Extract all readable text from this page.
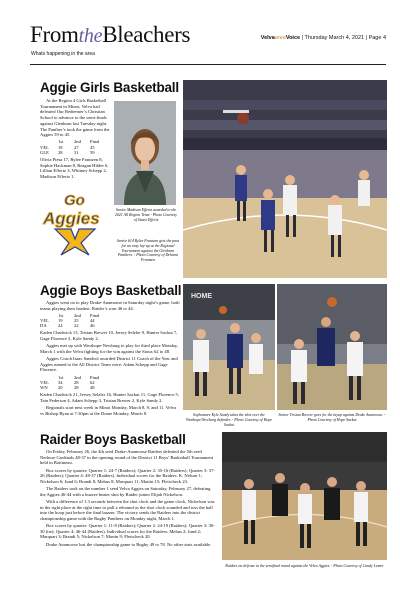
FromtheBleachers
Whats happening in the area
VelvaareaVoice | Thursday March 4, 2021 | Page 4
Aggie Girls Basketball

At the Region 4 Girls Basketball Tournament in Minot, Velva had defeated Our Redeemer’s Christian School to advance to the semi-finals against Glenburn last Tuesday night. The Panther’s took the game from the Aggies 59 to 45.

	1st	2nd	Final
VEL	18	27	45
GLE	28	31	59

Olivia Piesa 17, Rylee Frantzen 8, Sophie Hackman 8, Reagan Hilder 6, Lillian Effertz 3, Whitney Schepp 2, Madison Effertz 1.

Senior Madison Effertz awarded to the 2021 All Region Team - Photo Courtesy of Stassi Effertz
Go
Aggies
Senior #14 Rylee Frantzen gets the pass for an easy lay-up at the Regional Tournament against the Glenburn Panthers. - Photo Courtesy of Delaina Frantzen
Aggie Boys Basketball

Aggies went on to play Drake-Anamoose in Saturday night’s game, both teams playing their hardest. Raider’s won 46 to 44.

	1st	2nd	Final
VEL	19	25	44
DA	24	22	46

Kaden Chadwick 13, Tristan Brewer 10, Jersey Selzler 9, Hunter Sackut 7, Gage Florence 3, Kyle Sandy 2.

Aggies met up with Westhope-Newburg to play for third place Monday, March 1 with the Velva fighting for the win against the Sioux 62 to 48.

Aggies Coach Isaac Sandvol awarded District 11 Coach of the Year and Aggies named to the All District Team were: Adam Schepp and Gage Florence.

	1st	2nd	Final
VEL	34	28	62
WN	20	28	48

Kaden Chadwick 21, Jersey Selzler 16, Hunter Sackut 11, Gage Florence 5, Tain Pederson 4, Adam Schepp 3, Tristan Brewer 2, Kyle Sandy 2.

Regionals start next week in Minot Monday, March 8, 9, and 11. Velva vs Bishop Ryan at 7:30pm at the Dome Monday, March 8.

HOME
Sophomore Kyle Sandy takes the shot over the Westhope/Newburg defender. - Photo Courtesy of Hope Sackut
Senior Tristan Brewer goes for the layup against Drake Anamoose. - Photo Courtesy of Hope Sackut
Raider Boys Basketball

On Friday, February 26, the 4th seed Drake-Anamoose Raiders defeated the 5th seed Nedrose Cardinals 48-37 in the opening round of the District 11 Boys’ Basketball Tournament held in Bottineau.

Box scores by quarter: Quarter 1: 24-7 (Raiders); Quarter 2: 35-16 (Raiders); Quarter 3: 37-26 (Raiders); Quarter 4: 48-37 (Raiders). Individual scores for the Raiders: K. Nelson 1; Nickelson 6; Jund 6; Brandt 8; Mehus 8; Marquart 11; Martin 15; Fleischeck 23.

The Raiders took on the number 1 seed Velva Aggies on Saturday, February 27, defeating the Aggies 46-44 with a buzzer-beater shot by Raider junior Elijah Nickelson.

With a difference of 1.3 seconds between the shot clock and the game clock, Nickelson was in the right place at the right time to pull a rebound as the shot clock sounded and toss the ball into the hoop just before the final buzzer. The victory sends the Raiders into the district championship game with the Rugby Panthers on Monday night, March 1.

Box scores by quarter: Quarter 1: 11-8 (Raiders); Quarter 2: 24-19 (Raiders); Quarter 3: 30-30 (tie); Quarter 4: 46-44 (Raiders). Individual scores for the Raiders: Mehus 2; Jund 2; Marquart 3; Brandt 5; Nickelson 7; Martin 9; Fleischeck 20.

Drake Anamoose lost the championship game to Rugby 49 to 78. No other stats available.

Raiders on defense in the semifinal round against the Velva Aggies. - Photo Courtesy of Candy Lemer
